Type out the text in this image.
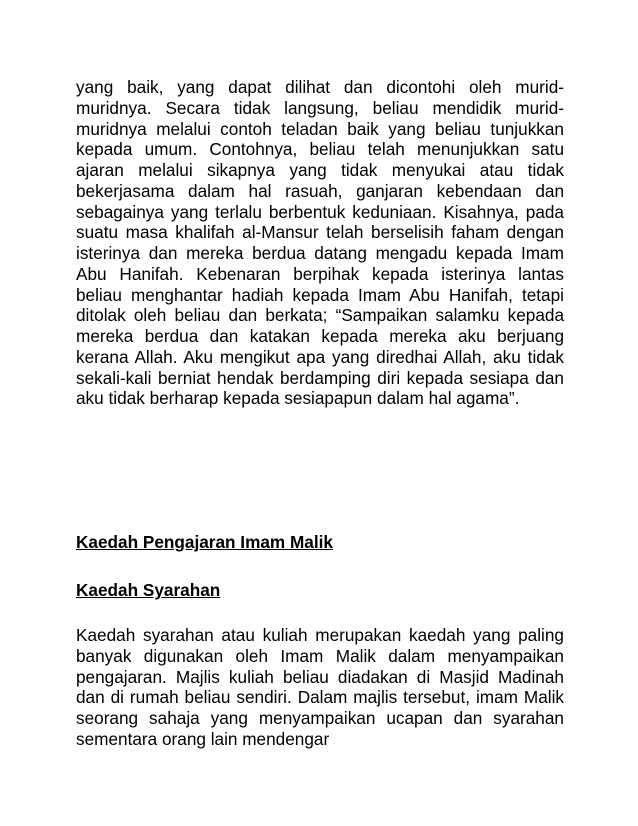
yang baik, yang dapat dilihat dan dicontohi oleh murid-muridnya. Secara tidak langsung, beliau mendidik murid-muridnya melalui contoh teladan baik yang beliau tunjukkan kepada umum. Contohnya, beliau telah menunjukkan satu ajaran melalui sikapnya yang tidak menyukai atau tidak bekerjasama dalam hal rasuah, ganjaran kebendaan dan sebagainya yang terlalu berbentuk keduniaan. Kisahnya, pada suatu masa khalifah al-Mansur telah berselisih faham dengan isterinya dan mereka berdua datang mengadu kepada Imam Abu Hanifah. Kebenaran berpihak kepada isterinya lantas beliau menghantar hadiah kepada Imam Abu Hanifah, tetapi ditolak oleh beliau dan berkata; “Sampaikan salamku kepada mereka berdua dan katakan kepada mereka aku berjuang kerana Allah. Aku mengikut apa yang diredhai Allah, aku tidak sekali-kali berniat hendak berdamping diri kepada sesiapa dan aku tidak berharap kepada sesiapapun dalam hal agama”.

Kaedah Pengajaran Imam Malik
Kaedah Syarahan

Kaedah syarahan atau kuliah merupakan kaedah yang paling banyak digunakan oleh Imam Malik dalam menyampaikan pengajaran. Majlis kuliah beliau diadakan di Masjid Madinah dan di rumah beliau sendiri. Dalam majlis tersebut, imam Malik seorang sahaja yang menyampaikan ucapan dan syarahan sementara orang lain mendengar
